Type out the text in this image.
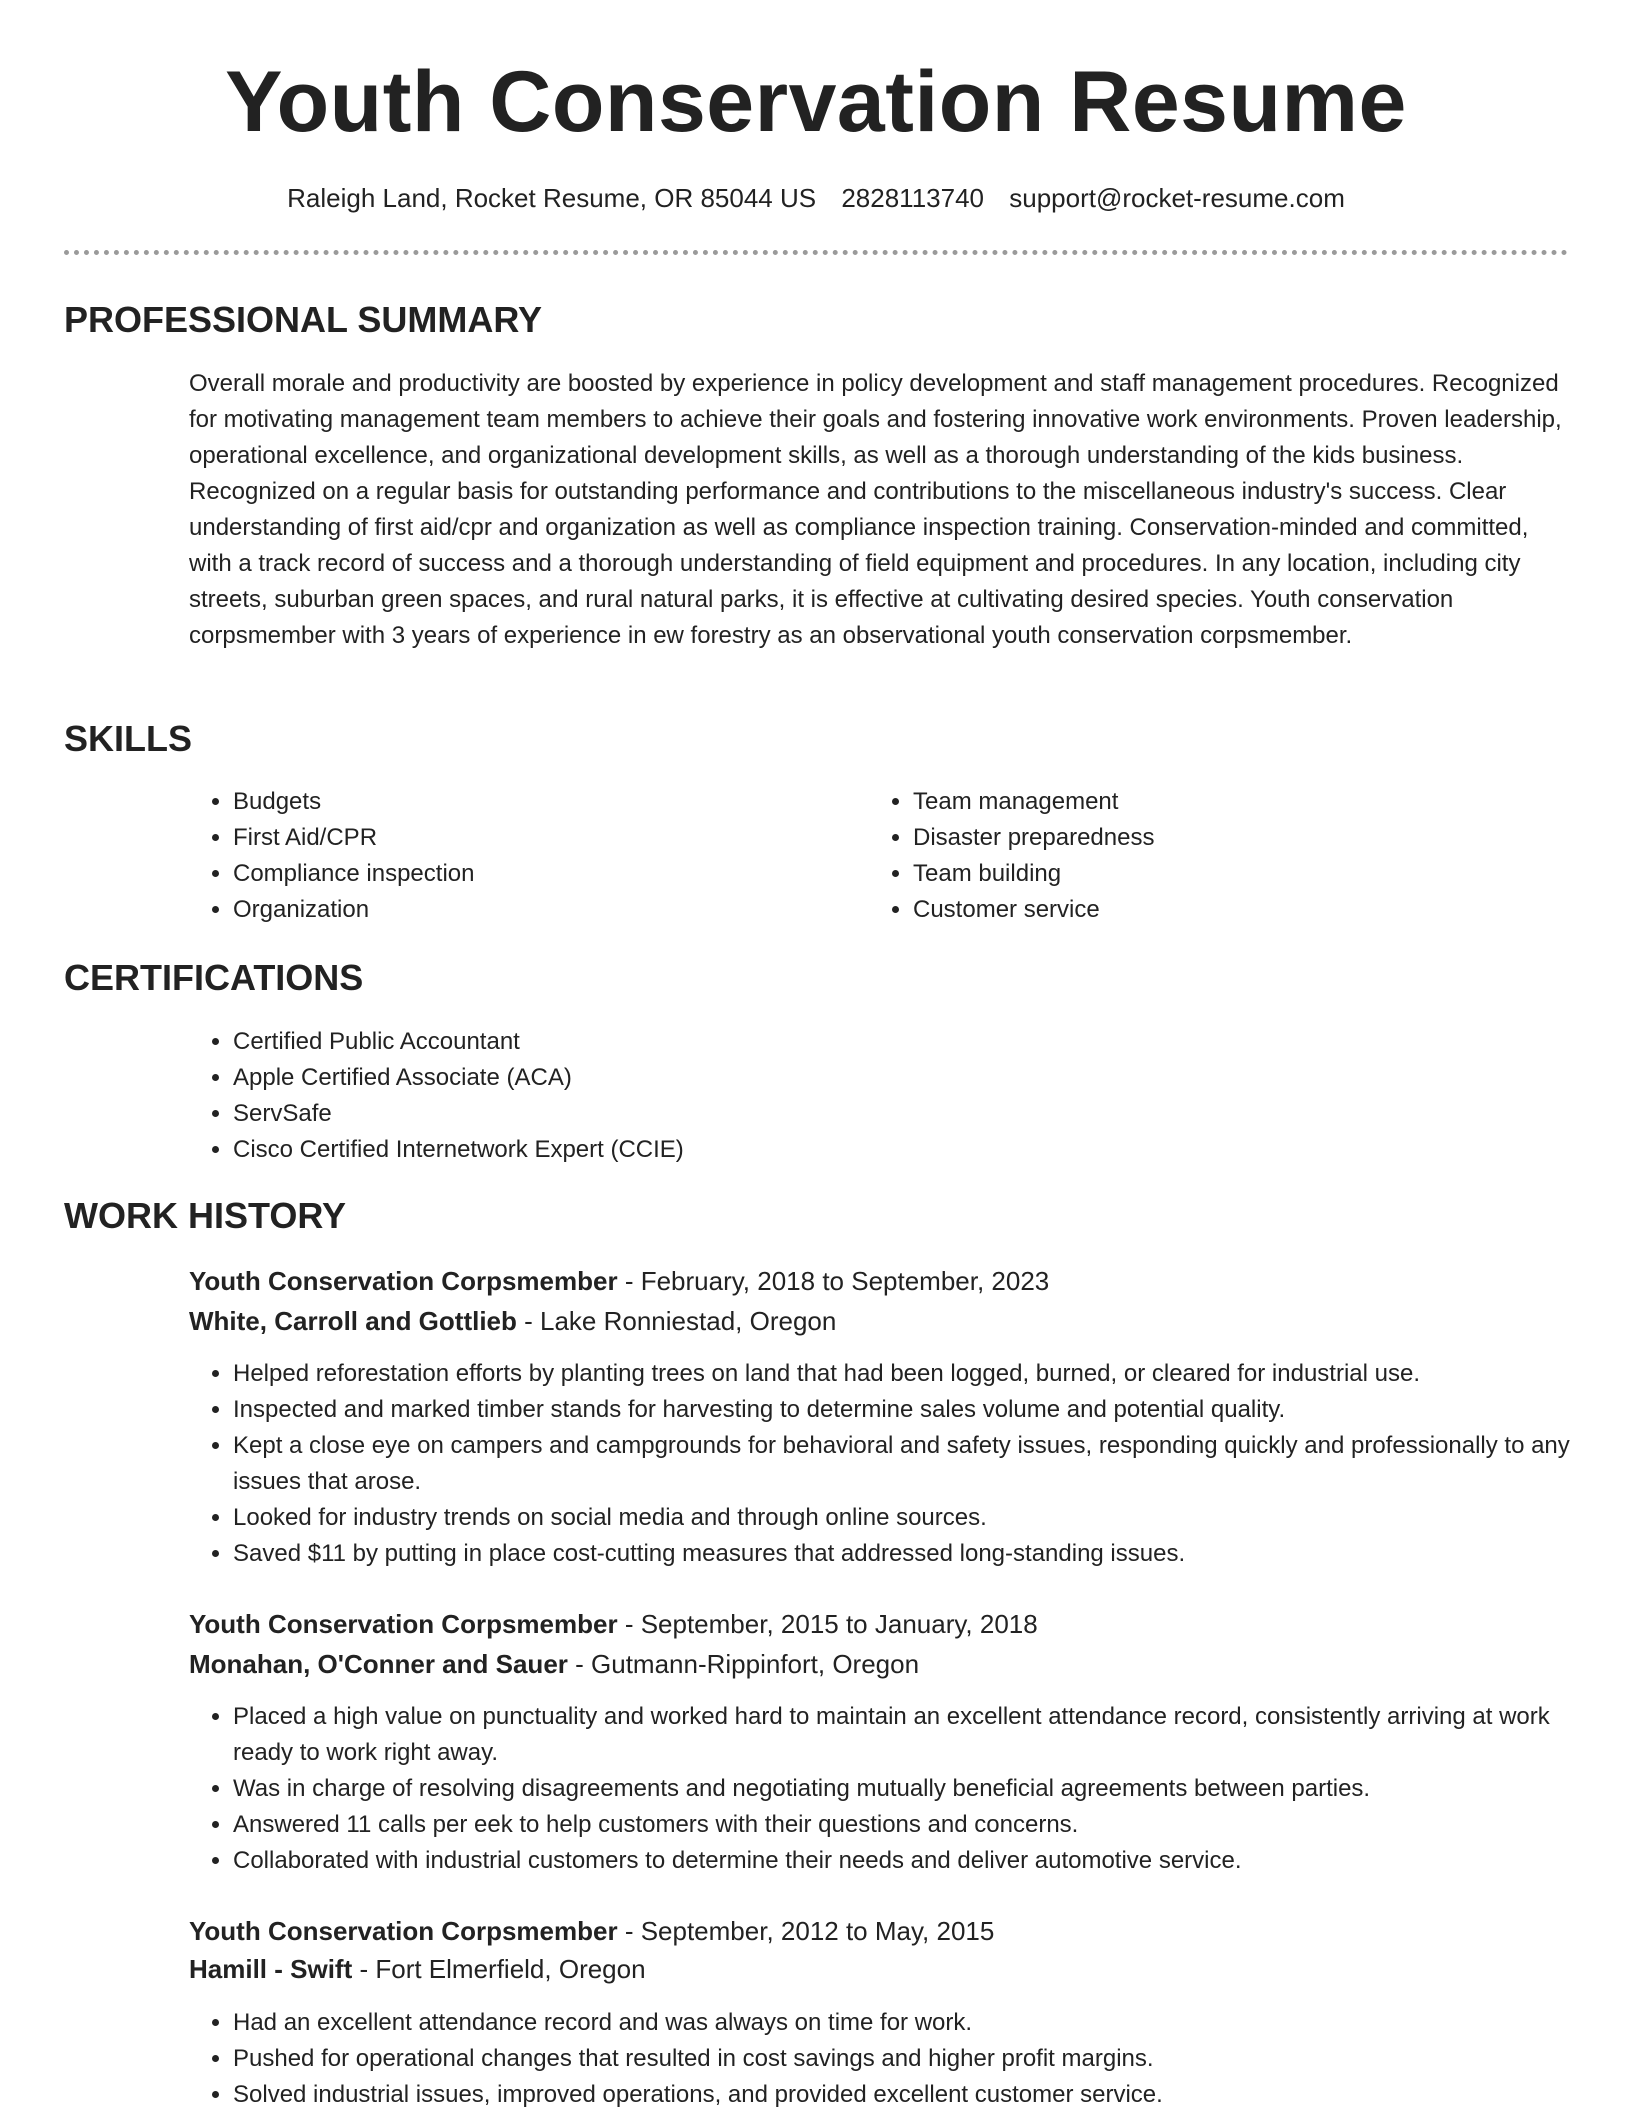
Youth Conservation Resume
Raleigh Land, Rocket Resume, OR 85044 US 2828113740 support@rocket-resume.com
PROFESSIONAL SUMMARY

Overall morale and productivity are boosted by experience in policy development and staff management procedures. Recognized for motivating management team members to achieve their goals and fostering innovative work environments. Proven leadership, operational excellence, and organizational development skills, as well as a thorough understanding of the kids business. Recognized on a regular basis for outstanding performance and contributions to the miscellaneous industry's success. Clear understanding of first aid/cpr and organization as well as compliance inspection training. Conservation-minded and committed, with a track record of success and a thorough understanding of field equipment and procedures. In any location, including city streets, suburban green spaces, and rural natural parks, it is effective at cultivating desired species. Youth conservation corpsmember with 3 years of experience in ew forestry as an observational youth conservation corpsmember.

SKILLS
• Budgets
• First Aid/CPR
• Compliance inspection
• Organization
• Team management
• Disaster preparedness
• Team building
• Customer service
CERTIFICATIONS
• Certified Public Accountant
• Apple Certified Associate (ACA)
• ServSafe
• Cisco Certified Internetwork Expert (CCIE)
WORK HISTORY
Youth Conservation Corpsmember - February, 2018 to September, 2023
White, Carroll and Gottlieb - Lake Ronniestad, Oregon
• Helped reforestation efforts by planting trees on land that had been logged, burned, or cleared for industrial use.
• Inspected and marked timber stands for harvesting to determine sales volume and potential quality.
• Kept a close eye on campers and campgrounds for behavioral and safety issues, responding quickly and professionally to any issues that arose.
• Looked for industry trends on social media and through online sources.
• Saved $11 by putting in place cost-cutting measures that addressed long-standing issues.
Youth Conservation Corpsmember - September, 2015 to January, 2018
Monahan, O'Conner and Sauer - Gutmann-Rippinfort, Oregon
• Placed a high value on punctuality and worked hard to maintain an excellent attendance record, consistently arriving at work ready to work right away.
• Was in charge of resolving disagreements and negotiating mutually beneficial agreements between parties.
• Answered 11 calls per eek to help customers with their questions and concerns.
• Collaborated with industrial customers to determine their needs and deliver automotive service.
Youth Conservation Corpsmember - September, 2012 to May, 2015
Hamill - Swift - Fort Elmerfield, Oregon
• Had an excellent attendance record and was always on time for work.
• Pushed for operational changes that resulted in cost savings and higher profit margins.
• Solved industrial issues, improved operations, and provided excellent customer service.
